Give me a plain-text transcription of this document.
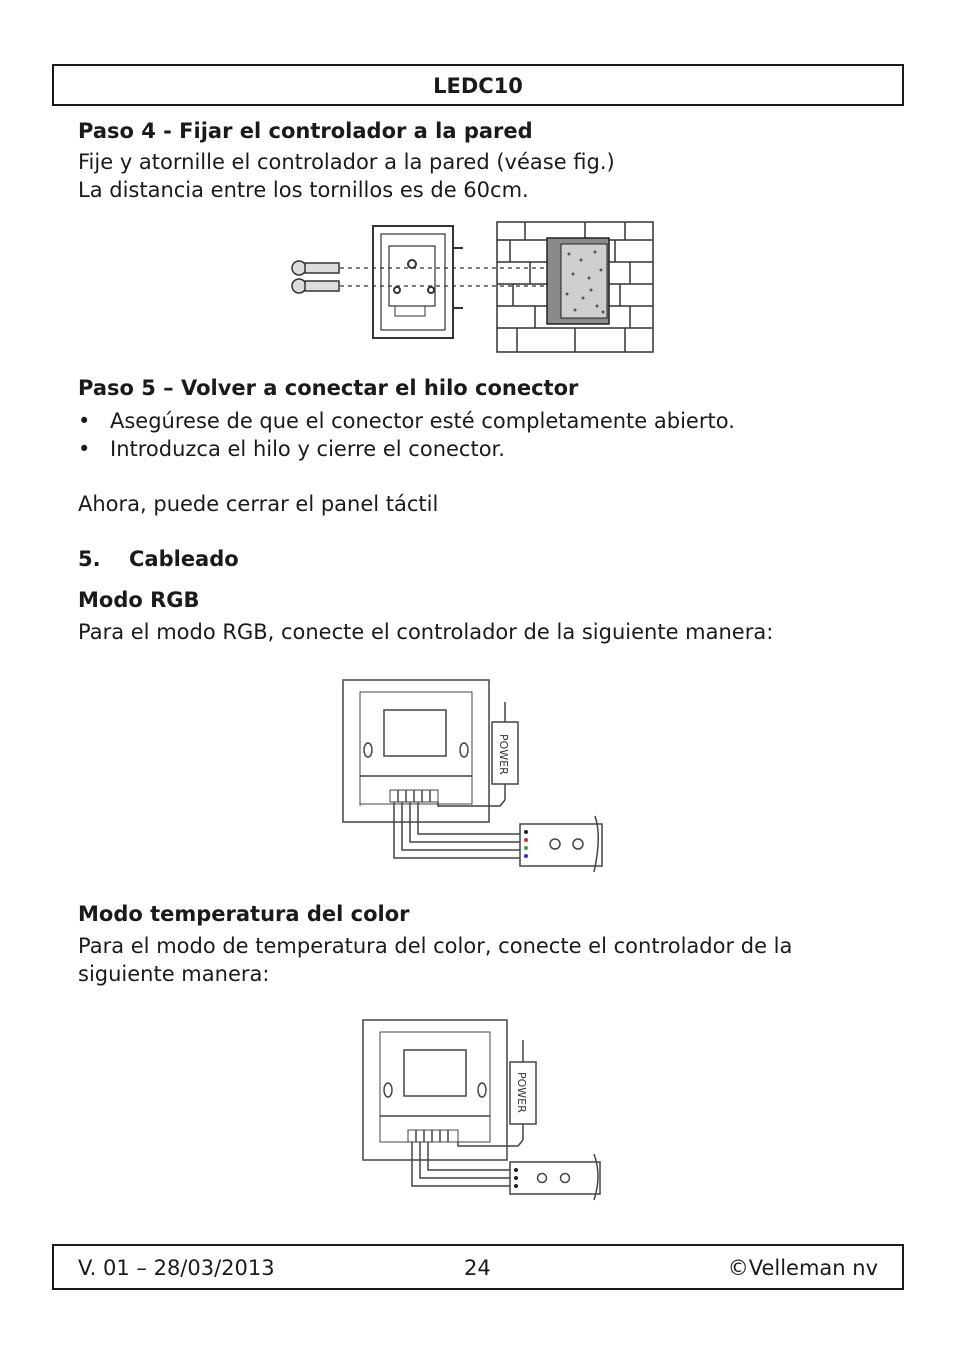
LEDC10
Paso 4 - Fijar el controlador a la pared
Fije y atornille el controlador a la pared (véase fig.)
La distancia entre los tornillos es de 60cm.
Paso 5 – Volver a conectar el hilo conector
• Asegúrese de que el conector esté completamente abierto.
• Introduzca el hilo y cierre el conector.
Ahora, puede cerrar el panel táctil
5. Cableado
Modo RGB
Para el modo RGB, conecte el controlador de la siguiente manera:
POWER
Modo temperatura del color
Para el modo de temperatura del color, conecte el controlador de la
siguiente manera:
POWER
V. 01 – 28/03/2013	24	©Velleman nv
